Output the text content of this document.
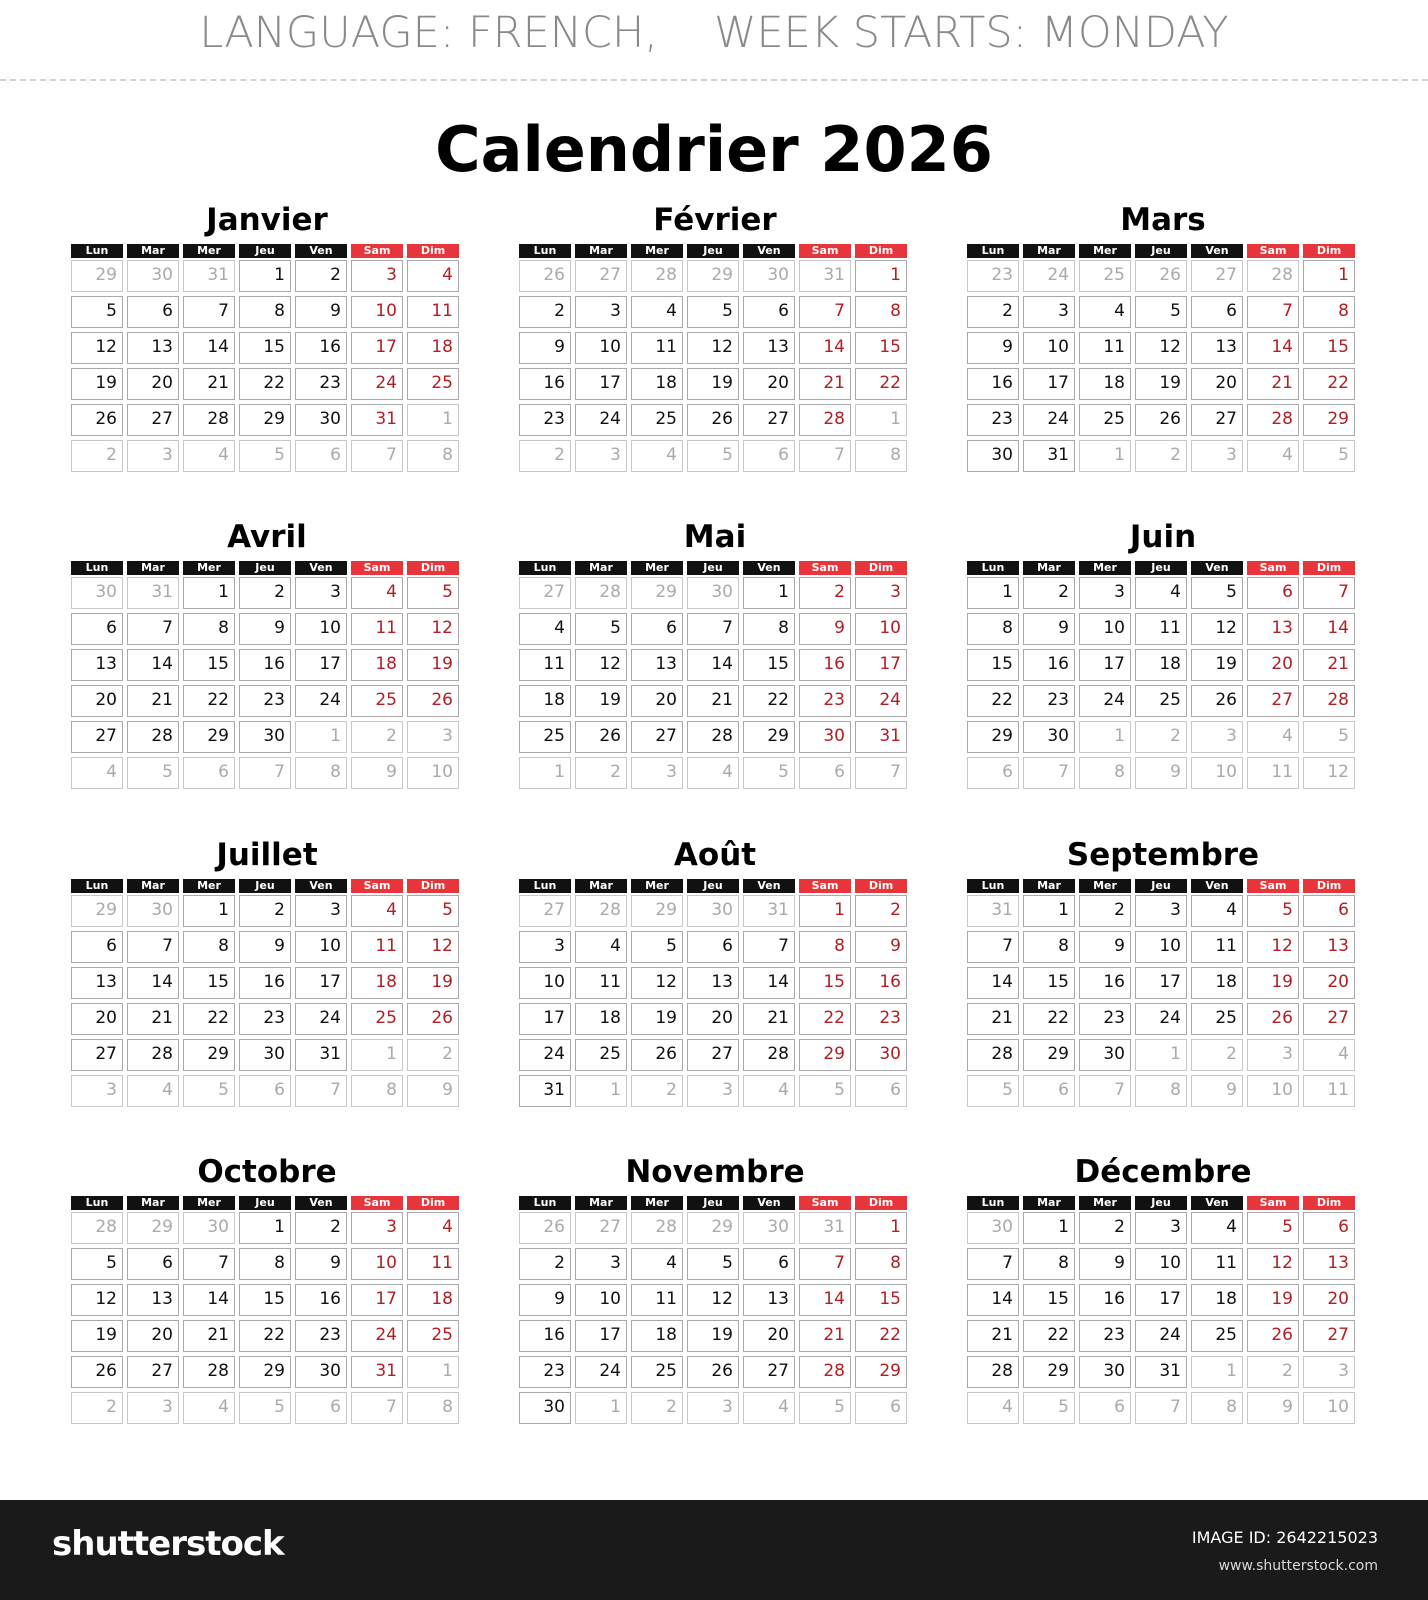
LANGUAGE: FRENCH, WEEK STARTS: MONDAY
Calendrier 2026
Janvier
Lun	Mar	Mer	Jeu	Ven	Sam	Dim
29	30	31	1	2	3	4
5	6	7	8	9	10	11
12	13	14	15	16	17	18
19	20	21	22	23	24	25
26	27	28	29	30	31	1
2	3	4	5	6	7	8
Février
Lun	Mar	Mer	Jeu	Ven	Sam	Dim
26	27	28	29	30	31	1
2	3	4	5	6	7	8
9	10	11	12	13	14	15
16	17	18	19	20	21	22
23	24	25	26	27	28	1
2	3	4	5	6	7	8
Mars
Lun	Mar	Mer	Jeu	Ven	Sam	Dim
23	24	25	26	27	28	1
2	3	4	5	6	7	8
9	10	11	12	13	14	15
16	17	18	19	20	21	22
23	24	25	26	27	28	29
30	31	1	2	3	4	5
Avril
Lun	Mar	Mer	Jeu	Ven	Sam	Dim
30	31	1	2	3	4	5
6	7	8	9	10	11	12
13	14	15	16	17	18	19
20	21	22	23	24	25	26
27	28	29	30	1	2	3
4	5	6	7	8	9	10
Mai
Lun	Mar	Mer	Jeu	Ven	Sam	Dim
27	28	29	30	1	2	3
4	5	6	7	8	9	10
11	12	13	14	15	16	17
18	19	20	21	22	23	24
25	26	27	28	29	30	31
1	2	3	4	5	6	7
Juin
Lun	Mar	Mer	Jeu	Ven	Sam	Dim
1	2	3	4	5	6	7
8	9	10	11	12	13	14
15	16	17	18	19	20	21
22	23	24	25	26	27	28
29	30	1	2	3	4	5
6	7	8	9	10	11	12
Juillet
Lun	Mar	Mer	Jeu	Ven	Sam	Dim
29	30	1	2	3	4	5
6	7	8	9	10	11	12
13	14	15	16	17	18	19
20	21	22	23	24	25	26
27	28	29	30	31	1	2
3	4	5	6	7	8	9
Août
Lun	Mar	Mer	Jeu	Ven	Sam	Dim
27	28	29	30	31	1	2
3	4	5	6	7	8	9
10	11	12	13	14	15	16
17	18	19	20	21	22	23
24	25	26	27	28	29	30
31	1	2	3	4	5	6
Septembre
Lun	Mar	Mer	Jeu	Ven	Sam	Dim
31	1	2	3	4	5	6
7	8	9	10	11	12	13
14	15	16	17	18	19	20
21	22	23	24	25	26	27
28	29	30	1	2	3	4
5	6	7	8	9	10	11
Octobre
Lun	Mar	Mer	Jeu	Ven	Sam	Dim
28	29	30	1	2	3	4
5	6	7	8	9	10	11
12	13	14	15	16	17	18
19	20	21	22	23	24	25
26	27	28	29	30	31	1
2	3	4	5	6	7	8
Novembre
Lun	Mar	Mer	Jeu	Ven	Sam	Dim
26	27	28	29	30	31	1
2	3	4	5	6	7	8
9	10	11	12	13	14	15
16	17	18	19	20	21	22
23	24	25	26	27	28	29
30	1	2	3	4	5	6
Décembre
Lun	Mar	Mer	Jeu	Ven	Sam	Dim
30	1	2	3	4	5	6
7	8	9	10	11	12	13
14	15	16	17	18	19	20
21	22	23	24	25	26	27
28	29	30	31	1	2	3
4	5	6	7	8	9	10
shutterstock	IMAGE ID: 2642215023
www.shutterstock.com
